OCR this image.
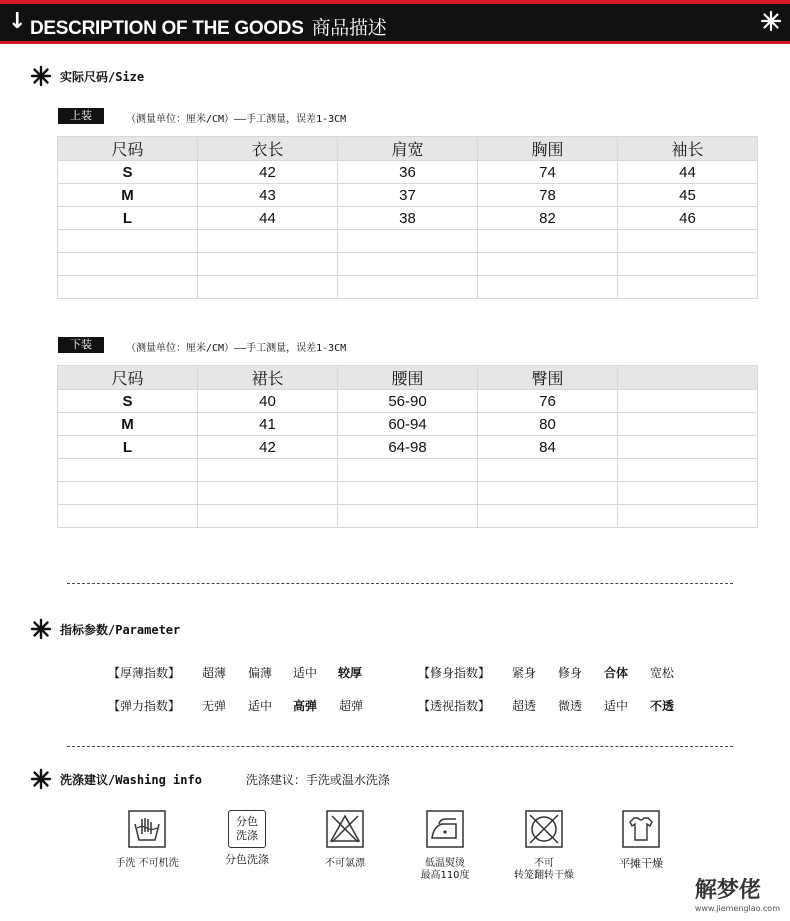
↓ DESCRIPTION OF THE GOODS 商品描述
实际尺码/Size
上装	（测量单位：厘米/CM）——手工测量，误差1-3CM
尺码	衣长	肩宽	胸围	袖长
S	42	36	74	44
M	43	37	78	45
L	44	38	82	46

下装	（测量单位：厘米/CM）——手工测量，误差1-3CM
尺码	裙长	腰围	臀围	
S	40	56-90	76	
M	41	60-94	80	
L	42	64-98	84	

指标参数/Parameter
【厚薄指数】 超薄 偏薄 适中 较厚	【修身指数】 紧身 修身 合体 宽松
【弹力指数】 无弹 适中 高弹 超弹	【透视指数】 超透 微透 适中 不透
洗涤建议/Washing info	洗涤建议：手洗或温水洗涤
手洗 不可机洗
分色
洗涤
分色洗涤	不可氯漂	低温熨烫
最高110度
不可
转笼翻转干燥
平摊干燥
解梦佬
www.jiemenglao.com
